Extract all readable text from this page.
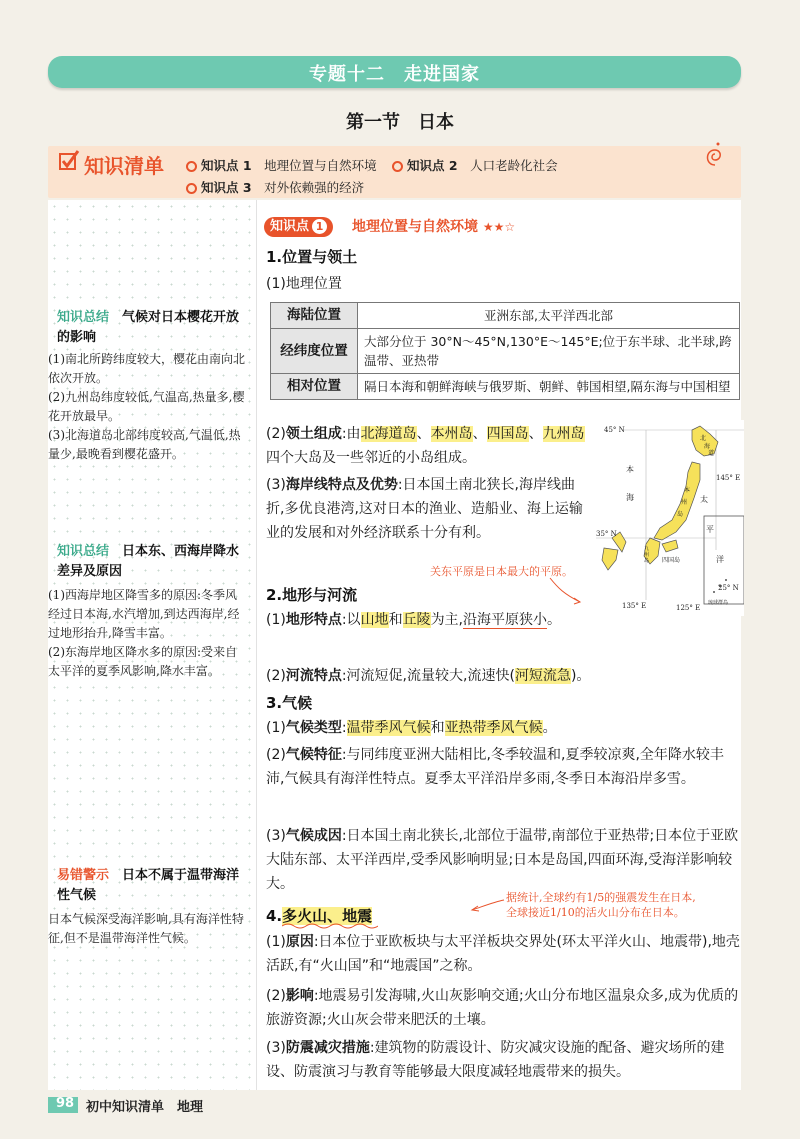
专题十二　走进国家
第一节　日本
知识清单	知识点 1　 地理位置与自然环境	知识点 2　 人口老龄化社会
知识点 3　 对外依赖强的经济
知识总结　 气候对日本樱花开放的影响
(1)南北所跨纬度较大，樱花由南向北依次开放。
(2)九州岛纬度较低,气温高,热量多,樱花开放最早。
(3)北海道岛北部纬度较高,气温低,热量少,最晚看到樱花盛开。
知识总结　 日本东、西海岸降水差异及原因
(1)西海岸地区降雪多的原因:冬季风经过日本海,水汽增加,到达西海岸,经过地形抬升,降雪丰富。
(2)东海岸地区降水多的原因:受来自太平洋的夏季风影响,降水丰富。
易错警示　 日本不属于温带海洋性气候
日本气候深受海洋影响,具有海洋性特征,但不是温带海洋性气候。
知识点 1	地理位置与自然环境 ★★☆
1.位置与领土
(1)地理位置
海陆位置	亚洲东部,太平洋西北部
经纬度位置	大部分位于 30°N～45°N,130°E～145°E;位于东半球、北半球,跨温带、亚热带
相对位置	隔日本海和朝鲜海峡与俄罗斯、朝鲜、韩国相望,隔东海与中国相望
(2)领土组成:由北海道岛、本州岛、四国岛、九州岛四个大岛及一些邻近的小岛组成。
(3)海岸线特点及优势:日本国土南北狭长,海岸线曲折,多优良港湾,这对日本的渔业、造船业、海上运输业的发展和对外经济联系十分有利。
45° N
145° E
35° N
25° N
135° E	125° E
本
海	太
平
洋
北
海
道
本
州
岛
九
州
岛 四国岛
琉球群岛
关东平原是日本最大的平原。
2.地形与河流
(1)地形特点:以山地和丘陵为主,沿海平原狭小。
(2)河流特点:河流短促,流量较大,流速快(河短流急)。
3.气候
(1)气候类型:温带季风气候和亚热带季风气候。
(2)气候特征:与同纬度亚洲大陆相比,冬季较温和,夏季较凉爽,全年降水较丰沛,气候具有海洋性特点。夏季太平洋沿岸多雨,冬季日本海沿岸多雪。
(3)气候成因:日本国土南北狭长,北部位于温带,南部位于亚热带;日本位于亚欧大陆东部、太平洋西岸,受季风影响明显;日本是岛国,四面环海,受海洋影响较大。
据统计,全球约有1/5的强震发生在日本,
全球接近1/10的活火山分布在日本。
4.多火山、地震
(1)原因:日本位于亚欧板块与太平洋板块交界处(环太平洋火山、地震带),地壳活跃,有“火山国”和“地震国”之称。
(2)影响:地震易引发海啸,火山灰影响交通;火山分布地区温泉众多,成为优质的旅游资源;火山灰会带来肥沃的土壤。
(3)防震减灾措施:建筑物的防震设计、防灾减灾设施的配备、避灾场所的建设、防震演习与教育等能够最大限度减轻地震带来的损失。
98 初中知识清单　地理
